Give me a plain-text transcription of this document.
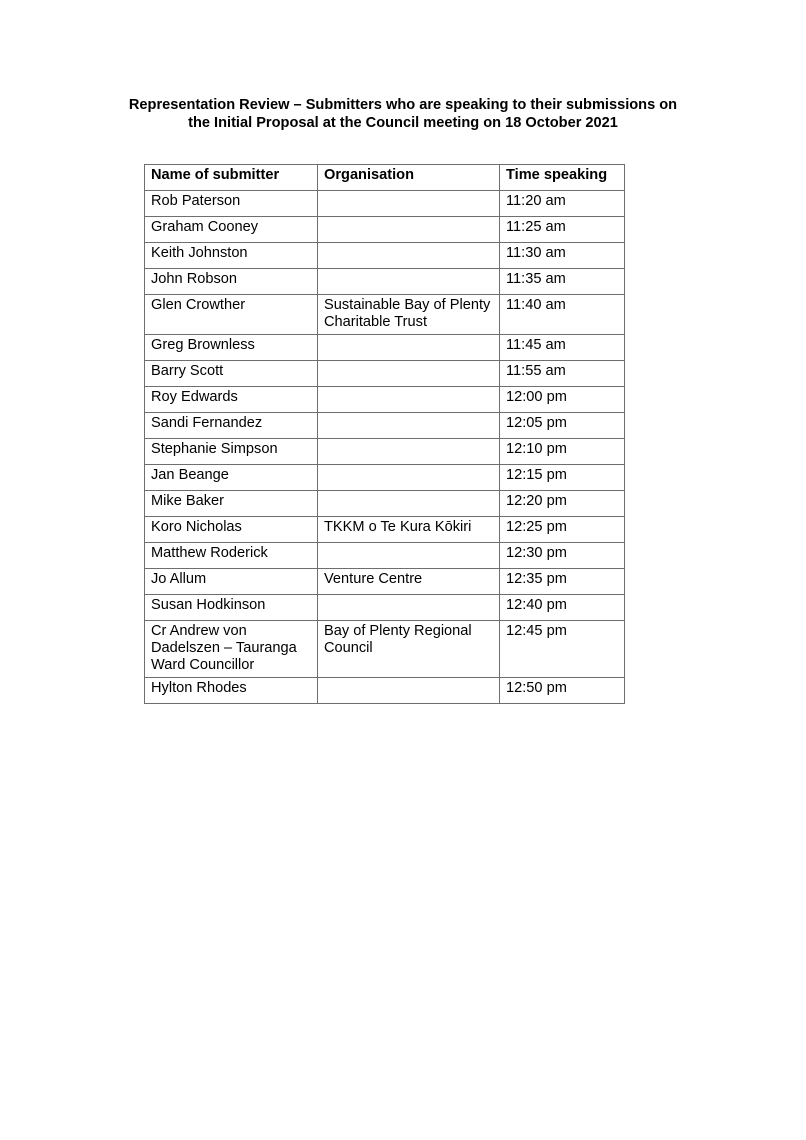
Representation Review – Submitters who are speaking to their submissions on
the Initial Proposal at the Council meeting on 18 October 2021
Name of submitter	Organisation	Time speaking
Rob Paterson		11:20 am
Graham Cooney		11:25 am
Keith Johnston		11:30 am
John Robson		11:35 am
Glen Crowther	Sustainable Bay of Plenty Charitable Trust	11:40 am
Greg Brownless		11:45 am
Barry Scott		11:55 am
Roy Edwards		12:00 pm
Sandi Fernandez		12:05 pm
Stephanie Simpson		12:10 pm
Jan Beange		12:15 pm
Mike Baker		12:20 pm
Koro Nicholas	TKKM o Te Kura Kōkiri	12:25 pm
Matthew Roderick		12:30 pm
Jo Allum	Venture Centre	12:35 pm
Susan Hodkinson		12:40 pm
Cr Andrew von Dadelszen – Tauranga Ward Councillor	Bay of Plenty Regional Council	12:45 pm
Hylton Rhodes		12:50 pm
